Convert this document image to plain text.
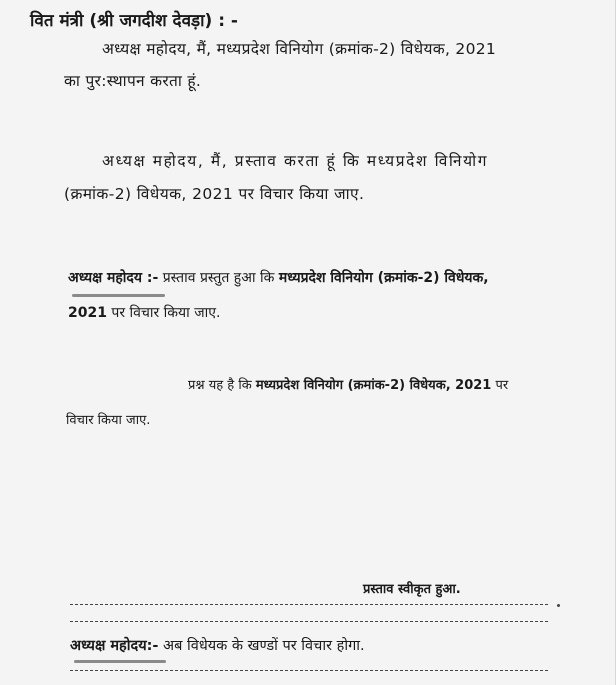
वित मंत्री (श्री जगदीश देवड़ा) : -
अध्यक्ष महोदय, मैं, मध्यप्रदेश विनियोग (क्रमांक-2) विधेयक, 2021
का पुर:स्थापन करता हूं.
अध्यक्ष महोदय, मैं, प्रस्ताव करता हूं कि मध्यप्रदेश विनियोग
(क्रमांक-2) विधेयक, 2021 पर विचार किया जाए.
अध्यक्ष महोदय :- प्रस्ताव प्रस्तुत हुआ कि मध्यप्रदेश विनियोग (क्रमांक-2) विधेयक,
2021 पर विचार किया जाए.
प्रश्न यह है कि मध्यप्रदेश विनियोग (क्रमांक-2) विधेयक, 2021 पर
विचार किया जाए.
प्रस्ताव स्वीकृत हुआ.
अध्यक्ष महोदय:- अब विधेयक के खण्डों पर विचार होगा.
